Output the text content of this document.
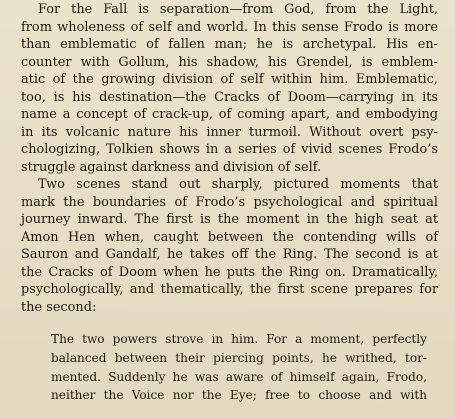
For the Fall is separation—from God, from the Light,
from wholeness of self and world. In this sense Frodo is more
than emblematic of fallen man; he is archetypal. His en-
counter with Gollum, his shadow, his Grendel, is emblem-
atic of the growing division of self within him. Emblematic,
too, is his destination—the Cracks of Doom—carrying in its
name a concept of crack-up, of coming apart, and embodying
in its volcanic nature his inner turmoil. Without overt psy-
chologizing, Tolkien shows in a series of vivid scenes Frodo’s
struggle against darkness and division of self.
Two scenes stand out sharply, pictured moments that
mark the boundaries of Frodo’s psychological and spiritual
journey inward. The first is the moment in the high seat at
Amon Hen when, caught between the contending wills of
Sauron and Gandalf, he takes off the Ring. The second is at
the Cracks of Doom when he puts the Ring on. Dramatically,
psychologically, and thematically, the first scene prepares for
the second:
The two powers strove in him. For a moment, perfectly
balanced between their piercing points, he writhed, tor-
mented. Suddenly he was aware of himself again, Frodo,
neither the Voice nor the Eye; free to choose and with
